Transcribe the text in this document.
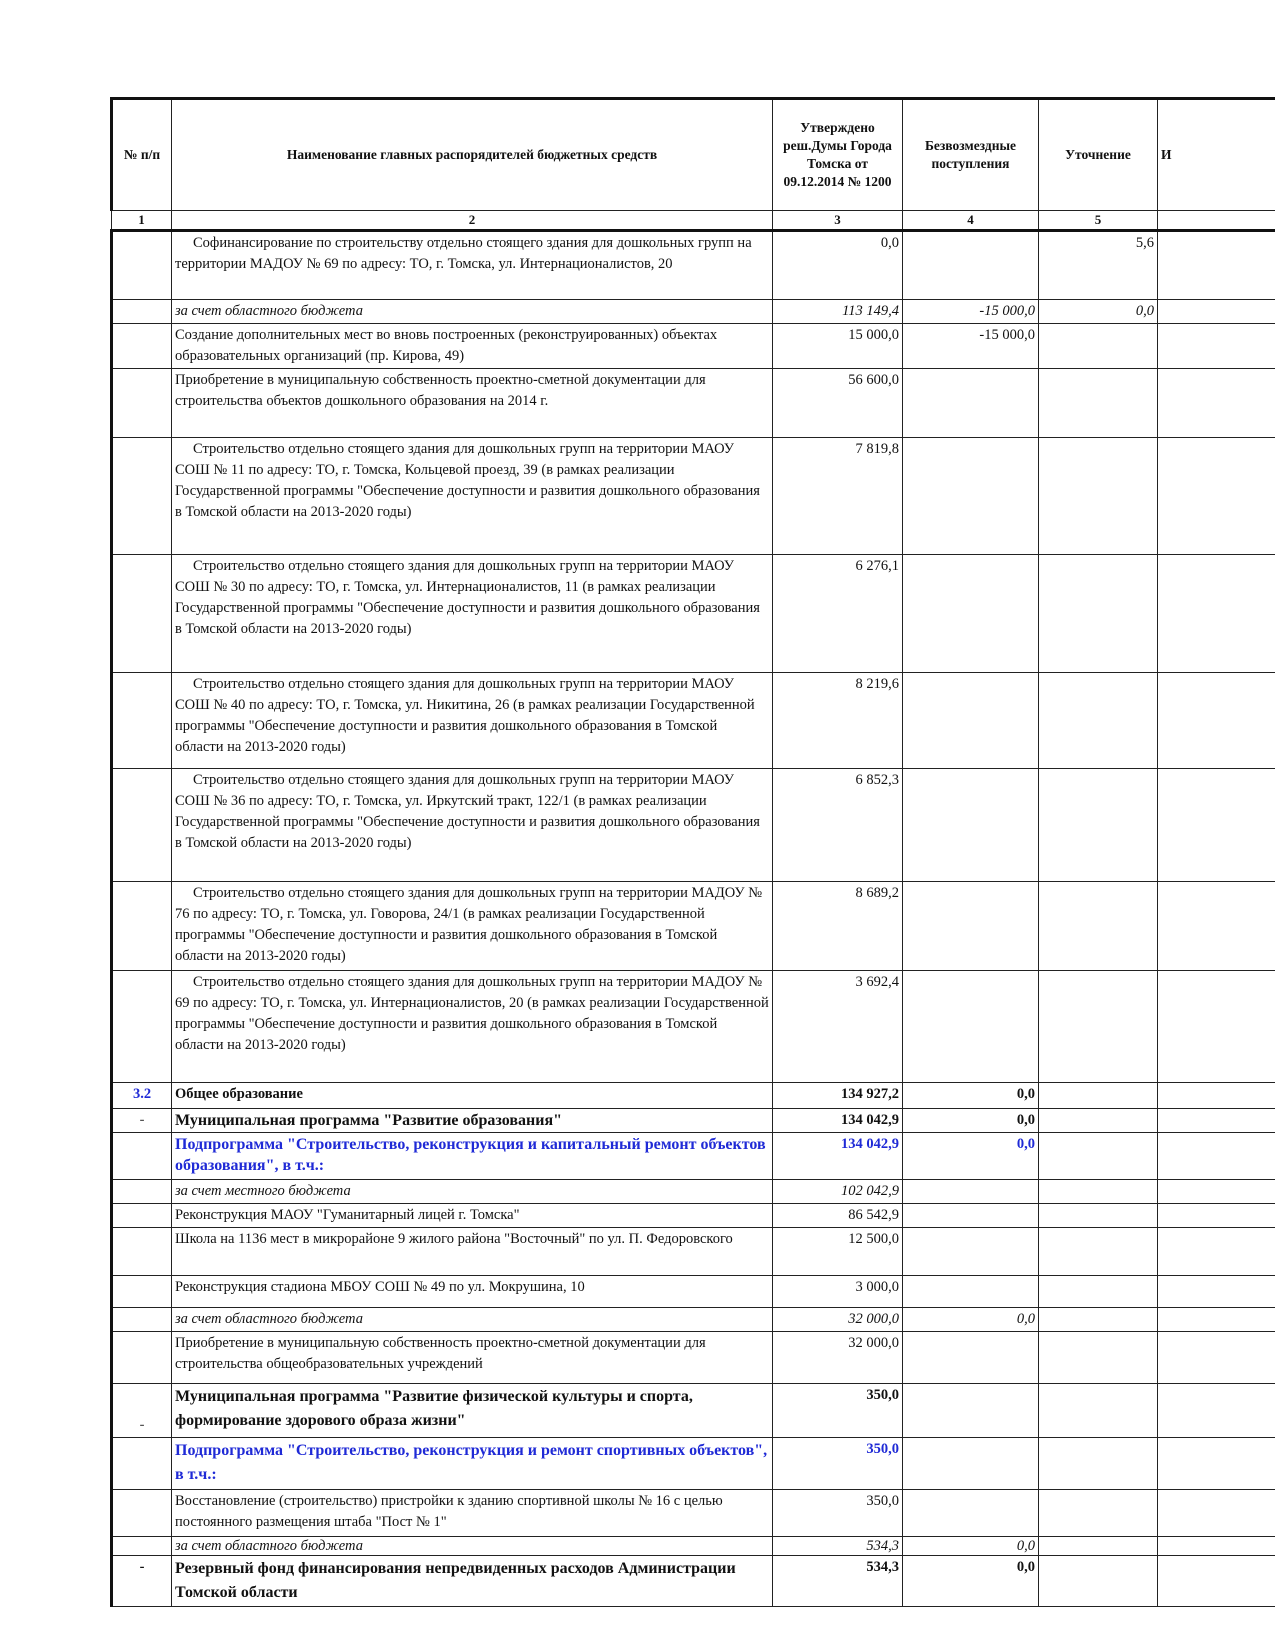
№ п/п	Наименование главных распорядителей бюджетных средств	Утверждено реш.Думы Города Томска от 09.12.2014 № 1200	Безвозмездные поступления	Уточнение	И
1	2	3	4	5	
	Софинансирование по строительству отдельно стоящего здания для дошкольных групп на территории МАДОУ № 69 по адресу: ТО, г. Томска, ул. Интернационалистов, 20	0,0		5,6	
	за счет областного бюджета	113 149,4	-15 000,0	0,0	
	Создание дополнительных мест во вновь построенных (реконструированных) объектах образовательных организаций (пр. Кирова, 49)	15 000,0	-15 000,0		
	Приобретение в муниципальную собственность проектно-сметной документации для строительства объектов дошкольного образования на 2014 г.	56 600,0			
	Строительство отдельно стоящего здания для дошкольных групп на территории МАОУ СОШ № 11 по адресу: ТО, г. Томска, Кольцевой проезд, 39 (в рамках реализации Государственной программы "Обеспечение доступности и развития дошкольного образования в Томской области на 2013-2020 годы)	7 819,8			
	Строительство отдельно стоящего здания для дошкольных групп на территории МАОУ СОШ № 30 по адресу: ТО, г. Томска, ул. Интернационалистов, 11 (в рамках реализации Государственной программы "Обеспечение доступности и развития дошкольного образования в Томской области на 2013-2020 годы)	6 276,1			
	Строительство отдельно стоящего здания для дошкольных групп на территории МАОУ СОШ № 40 по адресу: ТО, г. Томска, ул. Никитина, 26 (в рамках реализации Государственной программы "Обеспечение доступности и развития дошкольного образования в Томской области на 2013-2020 годы)	8 219,6			
	Строительство отдельно стоящего здания для дошкольных групп на территории МАОУ СОШ № 36 по адресу: ТО, г. Томска, ул. Иркутский тракт, 122/1 (в рамках реализации Государственной программы "Обеспечение доступности и развития дошкольного образования в Томской области на 2013-2020 годы)	6 852,3			
	Строительство отдельно стоящего здания для дошкольных групп на территории МАДОУ № 76 по адресу: ТО, г. Томска, ул. Говорова, 24/1 (в рамках реализации Государственной программы "Обеспечение доступности и развития дошкольного образования в Томской области на 2013-2020 годы)	8 689,2			
	Строительство отдельно стоящего здания для дошкольных групп на территории МАДОУ № 69 по адресу: ТО, г. Томска, ул. Интернационалистов, 20 (в рамках реализации Государственной программы "Обеспечение доступности и развития дошкольного образования в Томской области на 2013-2020 годы)	3 692,4			
3.2	Общее образование	134 927,2	0,0		
-	Муниципальная программа "Развитие образования"	134 042,9	0,0		
	Подпрограмма "Строительство, реконструкция и капитальный ремонт объектов образования", в т.ч.:	134 042,9	0,0		
	за счет местного бюджета	102 042,9			
	Реконструкция МАОУ "Гуманитарный лицей г. Томска"	86 542,9			
	Школа на 1136 мест в микрорайоне 9 жилого района "Восточный" по ул. П. Федоровского	12 500,0			
	Реконструкция стадиона МБОУ СОШ № 49 по ул. Мокрушина, 10	3 000,0			
	за счет областного бюджета	32 000,0	0,0		
	Приобретение в муниципальную собственность проектно-сметной документации для строительства общеобразовательных учреждений	32 000,0			
-	Муниципальная программа "Развитие физической культуры и спорта, формирование здорового образа жизни"	350,0			
	Подпрограмма "Строительство, реконструкция и ремонт спортивных объектов", в т.ч.:	350,0			
	Восстановление (строительство) пристройки к зданию спортивной школы № 16 с целью постоянного размещения штаба "Пост № 1"	350,0			
	за счет областного бюджета	534,3	0,0		
-	Резервный фонд финансирования непредвиденных расходов Администрации Томской области	534,3	0,0		
